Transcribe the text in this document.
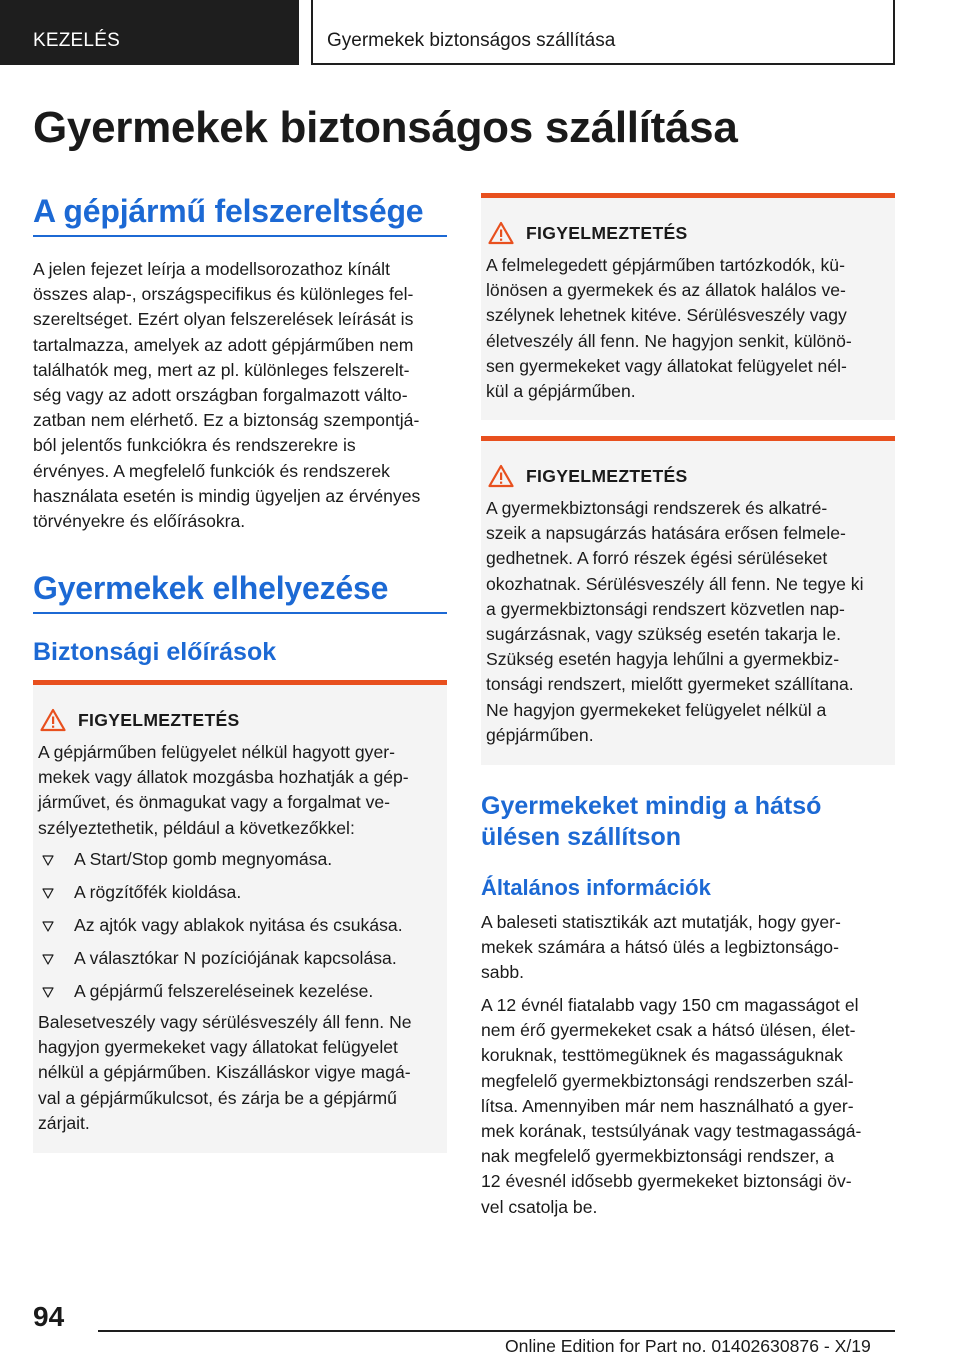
KEZELÉS	Gyermekek biztonságos szállítása
Gyermekek biztonságos szállítása
A gépjármű felszereltsége
A jelen fejezet leírja a modellsorozathoz kínált
összes alap-, országspecifikus és különleges fel-
szereltséget. Ezért olyan felszerelések leírását is
tartalmazza, amelyek az adott gépjárműben nem
találhatók meg, mert az pl. különleges felszerelt-
ség vagy az adott országban forgalmazott válto-
zatban nem elérhető. Ez a biztonság szempontjá-
ból jelentős funkciókra és rendszerekre is
érvényes. A megfelelő funkciók és rendszerek
használata esetén is mindig ügyeljen az érvényes
törvényekre és előírásokra.
Gyermekek elhelyezése
Biztonsági előírások
FIGYELMEZTETÉS
A gépjárműben felügyelet nélkül hagyott gyer-
mekek vagy állatok mozgásba hozhatják a gép-
járművet, és önmagukat vagy a forgalmat ve-
szélyeztethetik, például a következőkkel:
Balesetveszély vagy sérülésveszély áll fenn. Ne
hagyjon gyermekeket vagy állatokat felügyelet
nélkül a gépjárműben. Kiszálláskor vigye magá-
val a gépjárműkulcsot, és zárja be a gépjármű
zárjait.
A Start/Stop gomb megnyomása.
A rögzítőfék kioldása.
Az ajtók vagy ablakok nyitása és csukása.
A választókar N pozíciójának kapcsolása.
A gépjármű felszereléseinek kezelése.
FIGYELMEZTETÉS
A felmelegedett gépjárműben tartózkodók, kü-
lönösen a gyermekek és az állatok halálos ve-
szélynek lehetnek kitéve. Sérülésveszély vagy
életveszély áll fenn. Ne hagyjon senkit, különö-
sen gyermekeket vagy állatokat felügyelet nél-
kül a gépjárműben.
FIGYELMEZTETÉS
A gyermekbiztonsági rendszerek és alkatré-
szeik a napsugárzás hatására erősen felmele-
gedhetnek. A forró részek égési sérüléseket
okozhatnak. Sérülésveszély áll fenn. Ne tegye ki
a gyermekbiztonsági rendszert közvetlen nap-
sugárzásnak, vagy szükség esetén takarja le.
Szükség esetén hagyja lehűlni a gyermekbiz-
tonsági rendszert, mielőtt gyermeket szállítana.
Ne hagyjon gyermekeket felügyelet nélkül a
gépjárműben.
Gyermekeket mindig a hátsó
ülésen szállítson
Általános információk
A baleseti statisztikák azt mutatják, hogy gyer-
mekek számára a hátsó ülés a legbiztonságo-
sabb.
A 12 évnél fiatalabb vagy 150 cm magasságot el
nem érő gyermekeket csak a hátsó ülésen, élet-
koruknak, testtömegüknek és magasságuknak
megfelelő gyermekbiztonsági rendszerben szál-
lítsa. Amennyiben már nem használható a gyer-
mek korának, testsúlyának vagy testmagasságá-
nak megfelelő gyermekbiztonsági rendszer, a
12 évesnél idősebb gyermekeket biztonsági öv-
vel csatolja be.
94
Online Edition for Part no. 01402630876 - X/19
